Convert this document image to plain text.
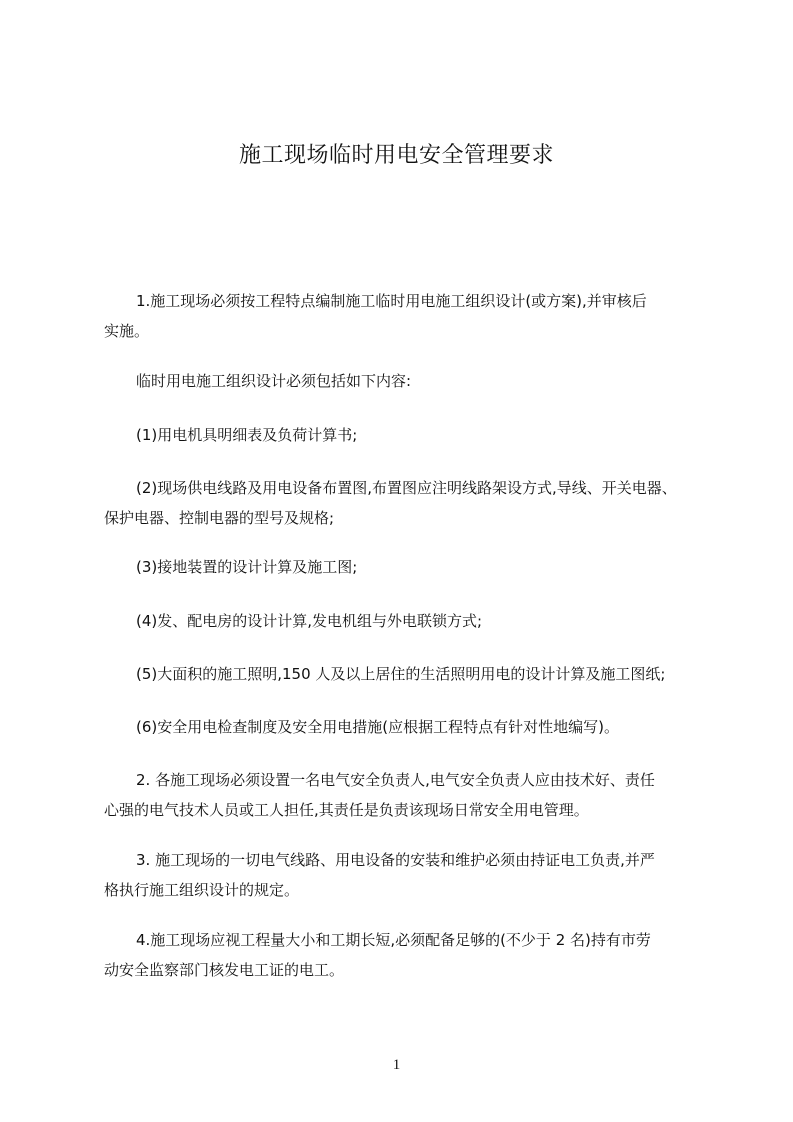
施工现场临时用电安全管理要求
1.施工现场必须按工程特点编制施工临时用电施工组织设计(或方案),并审核后
实施。
临时用电施工组织设计必须包括如下内容:
(1)用电机具明细表及负荷计算书;
(2)现场供电线路及用电设备布置图,布置图应注明线路架设方式,导线、开关电器、
保护电器、控制电器的型号及规格;
(3)接地装置的设计计算及施工图;
(4)发、配电房的设计计算,发电机组与外电联锁方式;
(5)大面积的施工照明,150 人及以上居住的生活照明用电的设计计算及施工图纸;
(6)安全用电检查制度及安全用电措施(应根据工程特点有针对性地编写)。
2. 各施工现场必须设置一名电气安全负责人,电气安全负责人应由技术好、责任
心强的电气技术人员或工人担任,其责任是负责该现场日常安全用电管理。
3. 施工现场的一切电气线路、用电设备的安装和维护必须由持证电工负责,并严
格执行施工组织设计的规定。
4.施工现场应视工程量大小和工期长短,必须配备足够的(不少于 2 名)持有市劳
动安全监察部门核发电工证的电工。
1
